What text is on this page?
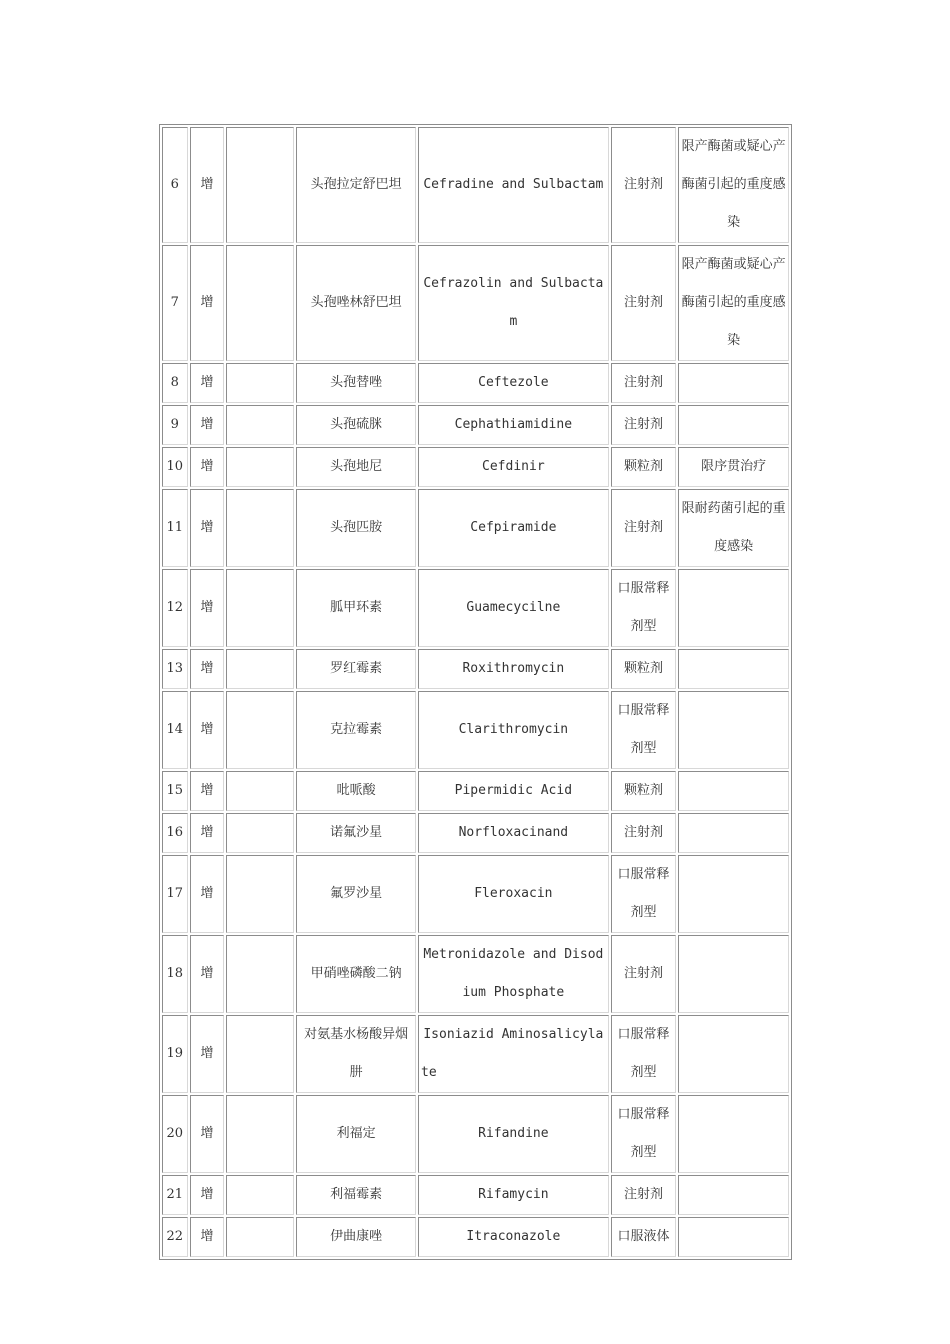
6	增		头孢拉定舒巴坦	Cefradine and Sulbactam	注射剂	限产酶菌或疑心产酶菌引起的重度感染
7	增		头孢唑林舒巴坦	Cefrazolin and Sulbactam	注射剂	限产酶菌或疑心产酶菌引起的重度感染
8	增		头孢替唑	Ceftezole	注射剂	
9	增		头孢硫脒	Cephathiamidine	注射剂	
10	增		头孢地尼	Cefdinir	颗粒剂	限序贯治疗
11	增		头孢匹胺	Cefpiramide	注射剂	限耐药菌引起的重度感染
12	增		胍甲环素	Guamecycilne	口服常释剂型	
13	增		罗红霉素	Roxithromycin	颗粒剂	
14	增		克拉霉素	Clarithromycin	口服常释剂型	
15	增		吡哌酸	Pipermidic Acid	颗粒剂	
16	增		诺氟沙星	Norfloxacinand	注射剂	
17	增		氟罗沙星	Fleroxacin	口服常释剂型	
18	增		甲硝唑磷酸二钠	Metronidazole and Disodium Phosphate	注射剂	
19	增		对氨基水杨酸异烟肼	Isoniazid Aminosalicylate	口服常释剂型	
20	增		利福定	Rifandine	口服常释剂型	
21	增		利福霉素	Rifamycin	注射剂	
22	增		伊曲康唑	Itraconazole	口服液体	
